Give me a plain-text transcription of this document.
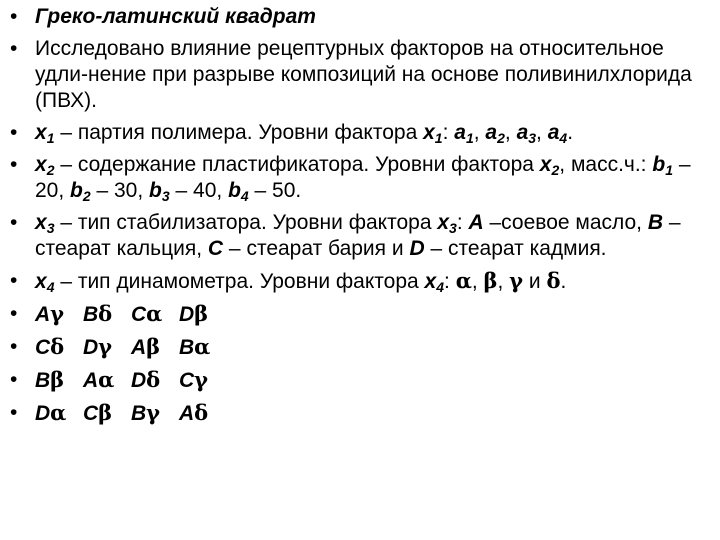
• Греко-латинский квадрат
• Исследовано влияние рецептурных факторов на относительное удли-нение при разрыве композиций на основе поливинилхлорида (ПВХ).
• $x_1$ – партия полимера. Уровни фактора $x_1$: $a_1$, $a_2$, $a_3$, $a_4$.
• $x_2$ – содержание пластификатора. Уровни фактора $x_2$, масс.ч.: $b_1 - 20$, $b_2 - 30$, $b_3 - 40$, $b_4 - 50$.
• $x_3$ – тип стабилизатора. Уровни фактора $x_3$: A –соевое масло, B – стеарат кальция, C – стеарат бария и D – стеарат кадмия.
• $x_4$ – тип динамометра. Уровни фактора $x_4$: α, β, γ и δ.
• Aγ Bδ Cα Dβ
• Cδ Dγ Aβ Bα
• Bβ Aα Dδ Cγ
• Dα Cβ Bγ Aδ
